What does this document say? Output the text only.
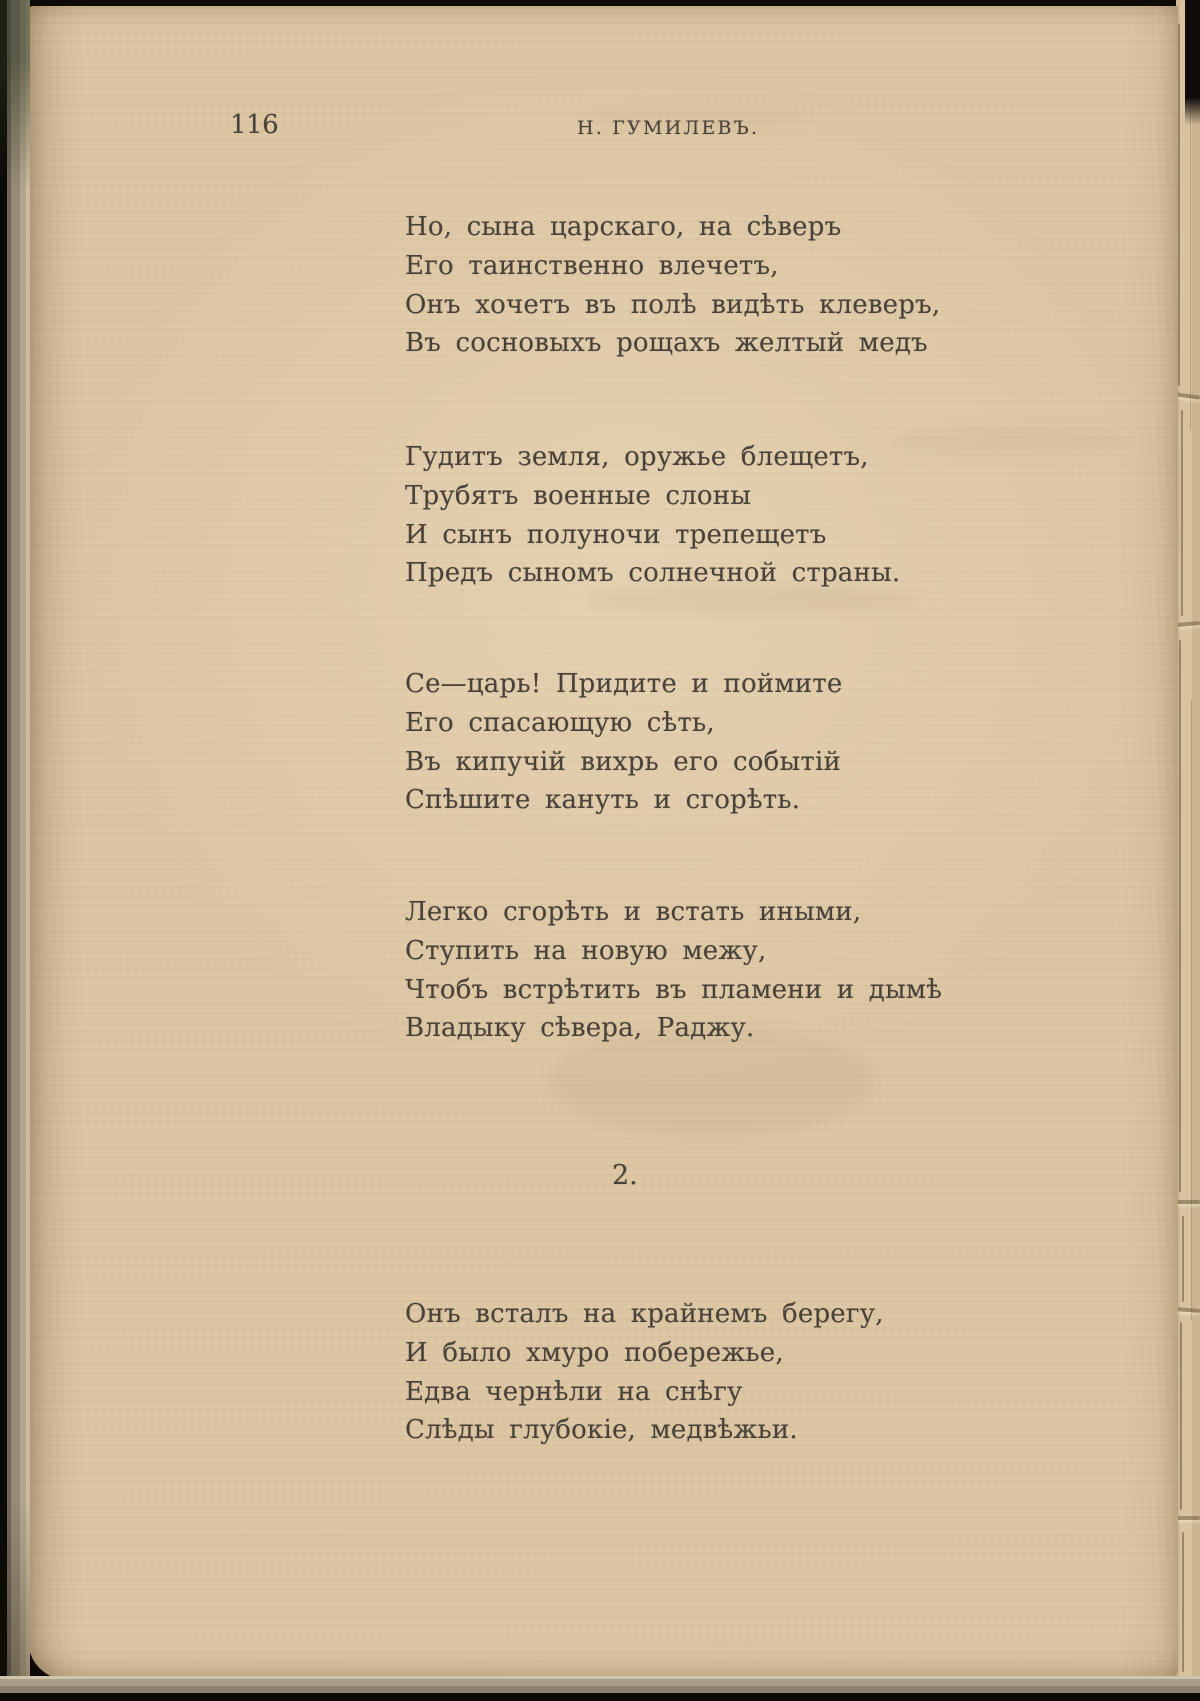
116	Н. ГУМИЛЕВЪ.
Но, сына царскаго, на сѣверъ
Его таинственно влечетъ,
Онъ хочетъ въ полѣ видѣть клеверъ,
Въ сосновыхъ рощахъ желтый медъ
Гудитъ земля, оружье блещетъ,
Трубятъ военные слоны
И сынъ полуночи трепещетъ
Предъ сыномъ солнечной страны.
Се—царь! Придите и поймите
Его спасающую сѣть,
Въ кипучій вихрь его событій
Спѣшите кануть и сгорѣть.
Легко сгорѣть и встать иными,
Ступить на новую межу,
Чтобъ встрѣтить въ пламени и дымѣ
Владыку сѣвера, Раджу.
2.
Онъ всталъ на крайнемъ берегу,
И было хмуро побережье,
Едва чернѣли на снѣгу
Слѣды глубокіе, медвѣжьи.
